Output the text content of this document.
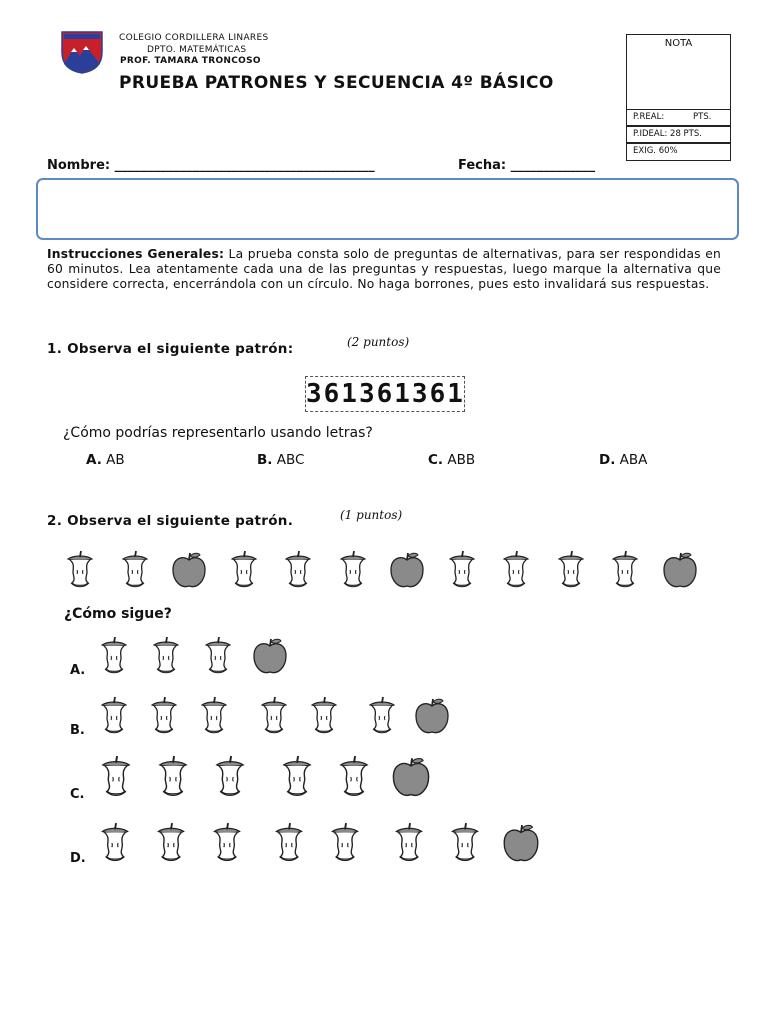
COLEGIO CORDILLERA LINARES
DPTO. MATEMÁTICAS
PROF. TAMARA TRONCOSO
PRUEBA PATRONES Y SECUENCIA 4º BÁSICO
NOTA
P.REAL:	PTS.
P.IDEAL: 28 PTS.
EXIG. 60%
Nombre: ________________________________________	Fecha: _____________
Instrucciones Generales: La prueba consta solo de preguntas de alternativas, para ser respondidas en 60 minutos. Lea atentamente cada una de las preguntas y respuestas, luego marque la alternativa que considere correcta, encerrándola con un círculo. No haga borrones, pues esto invalidará sus respuestas.
1. Observa el siguiente patrón:	(2 puntos)
361361361
¿Cómo podrías representarlo usando letras?
A. AB	B. ABC	C. ABB	D. ABA
2. Observa el siguiente patrón.	(1 puntos)
¿Cómo sigue?
A.
B.
C.
D.
